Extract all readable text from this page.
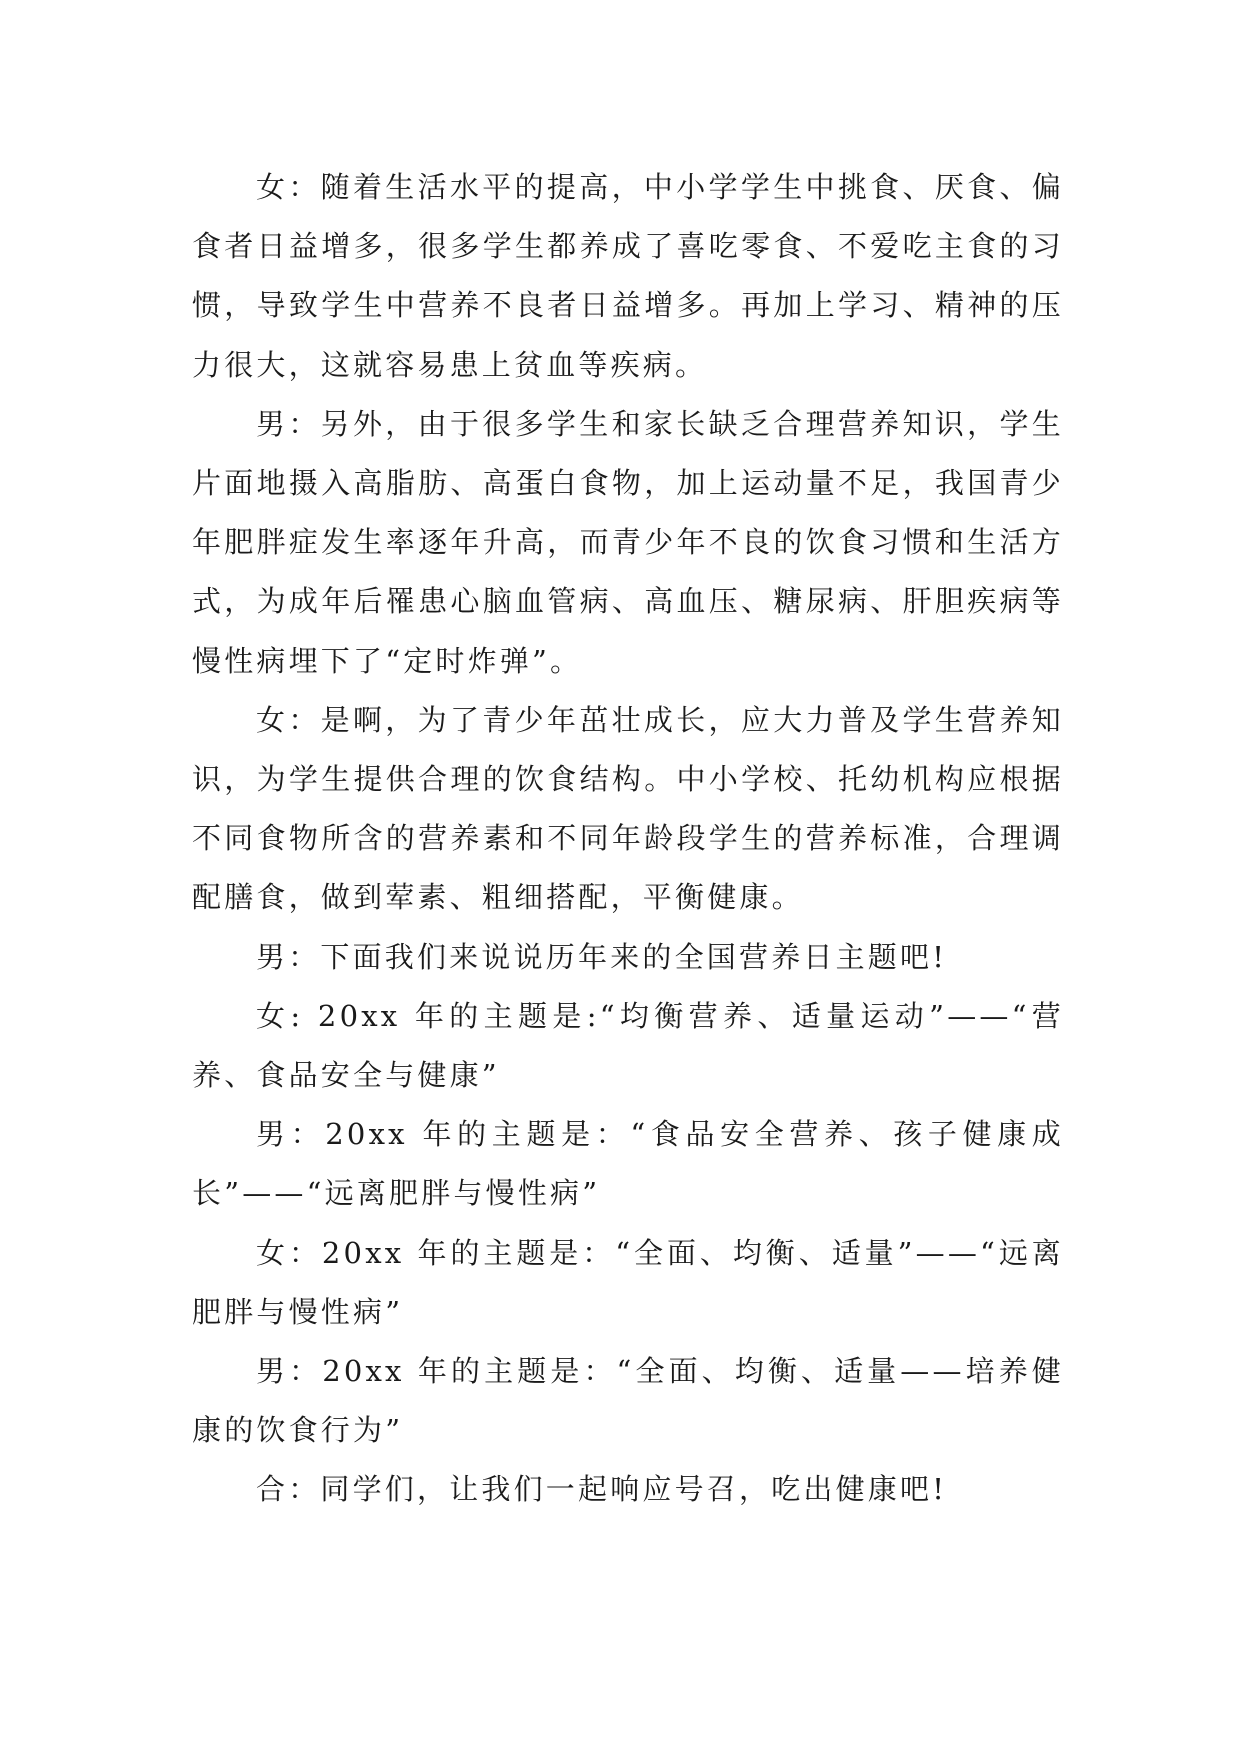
女：随着生活水平的提高，中小学学生中挑食、厌食、偏食者日益增多，很多学生都养成了喜吃零食、不爱吃主食的习惯，导致学生中营养不良者日益增多。再加上学习、精神的压力很大，这就容易患上贫血等疾病。

男：另外，由于很多学生和家长缺乏合理营养知识，学生片面地摄入高脂肪、高蛋白食物，加上运动量不足，我国青少年肥胖症发生率逐年升高，而青少年不良的饮食习惯和生活方式，为成年后罹患心脑血管病、高血压、糖尿病、肝胆疾病等慢性病埋下了“定时炸弹”。

女：是啊，为了青少年茁壮成长，应大力普及学生营养知识，为学生提供合理的饮食结构。中小学校、托幼机构应根据不同食物所含的营养素和不同年龄段学生的营养标准，合理调配膳食，做到荤素、粗细搭配，平衡健康。

男：下面我们来说说历年来的全国营养日主题吧!

女: 20xx 年的主题是:“均衡营养、适量运动”——“营养、食品安全与健康”

男：20xx 年的主题是：“食品安全营养、孩子健康成长”——“远离肥胖与慢性病”

女：20xx 年的主题是：“全面、均衡、适量”——“远离肥胖与慢性病”

男：20xx 年的主题是：“全面、均衡、适量——培养健康的饮食行为”

合：同学们，让我们一起响应号召，吃出健康吧!
